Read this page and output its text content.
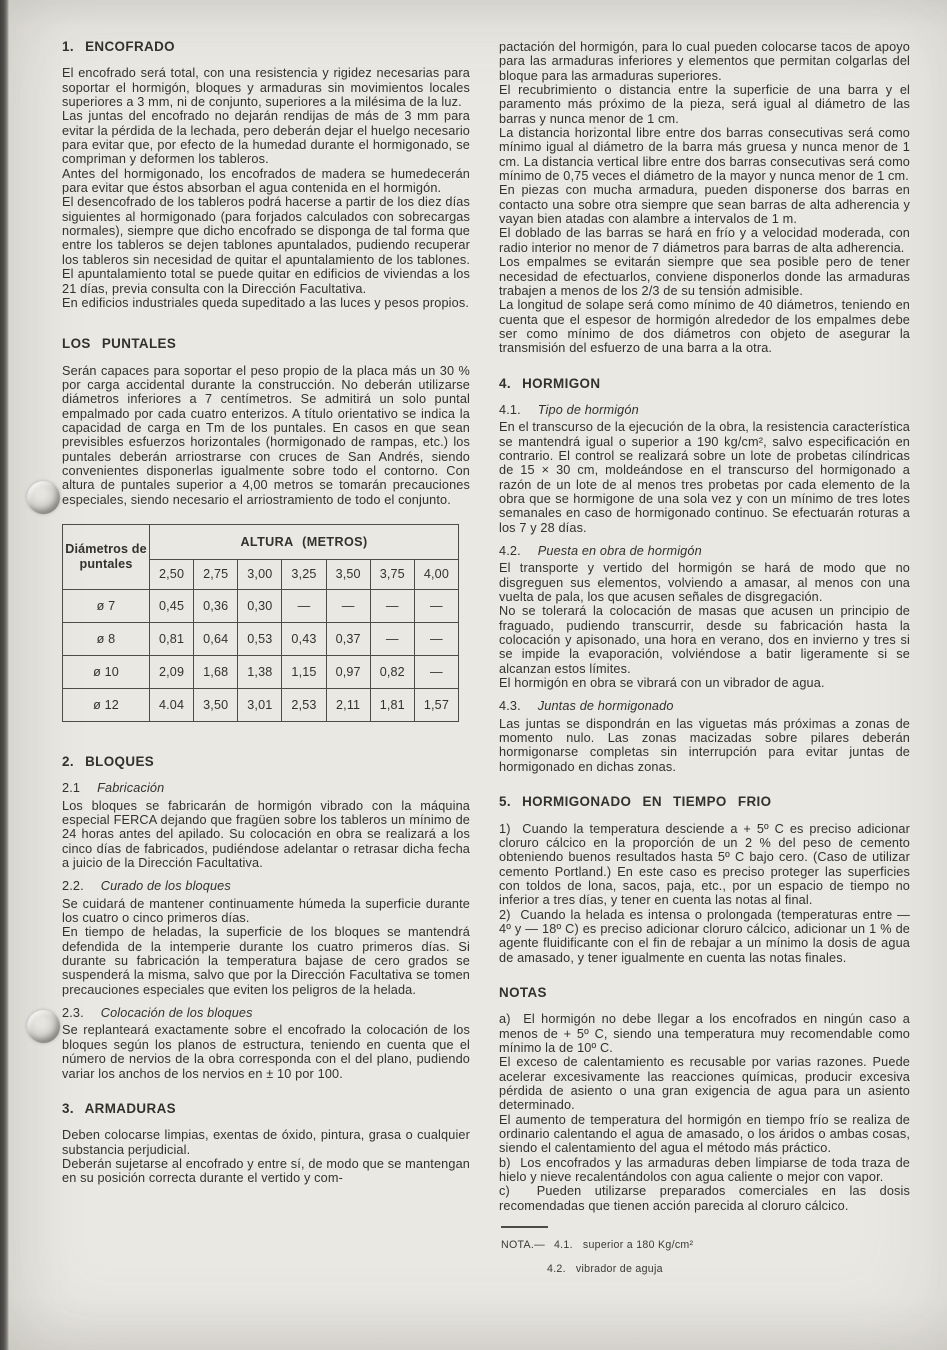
1. ENCOFRADO

El encofrado será total, con una resistencia y rigidez necesarias para soportar el hormigón, bloques y armaduras sin movimientos locales superiores a 3 mm, ni de conjunto, superiores a la milésima de la luz.

Las juntas del encofrado no dejarán rendijas de más de 3 mm para evitar la pérdida de la lechada, pero deberán dejar el huelgo necesario para evitar que, por efecto de la humedad durante el hormigonado, se compriman y deformen los tableros.

Antes del hormigonado, los encofrados de madera se humedecerán para evitar que éstos absorban el agua contenida en el hormigón.

El desencofrado de los tableros podrá hacerse a partir de los diez días siguientes al hormigonado (para forjados calculados con sobrecargas normales), siempre que dicho encofrado se disponga de tal forma que entre los tableros se dejen tablones apuntalados, pudiendo recuperar los tableros sin necesidad de quitar el apuntalamiento de los tablones. El apuntalamiento total se puede quitar en edificios de viviendas a los 21 días, previa consulta con la Dirección Facultativa.

En edificios industriales queda supeditado a las luces y pesos propios.

LOS PUNTALES

Serán capaces para soportar el peso propio de la placa más un 30 % por carga accidental durante la construcción. No deberán utilizarse diámetros inferiores a 7 centímetros. Se admitirá un solo puntal empalmado por cada cuatro enterizos. A título orientativo se indica la capacidad de carga en Tm de los puntales. En casos en que sean previsibles esfuerzos horizontales (hormigonado de rampas, etc.) los puntales deberán arriostrarse con cruces de San Andrés, siendo convenientes disponerlas igualmente sobre todo el contorno. Con altura de puntales superior a 4,00 metros se tomarán precauciones especiales, siendo necesario el arriostramiento de todo el conjunto.

Diámetros de puntales	ALTURA (METROS)						
	2,50	2,75	3,00	3,25	3,50	3,75	4,00
ø 7	0,45	0,36	0,30	—	—	—	—
ø 8	0,81	0,64	0,53	0,43	0,37	—	—
ø 10	2,09	1,68	1,38	1,15	0,97	0,82	—
ø 12	4.04	3,50	3,01	2,53	2,11	1,81	1,57

2. BLOQUES

2.1 Fabricación

Los bloques se fabricarán de hormigón vibrado con la máquina especial FERCA dejando que fragüen sobre los tableros un mínimo de 24 horas antes del apilado. Su colocación en obra se realizará a los cinco días de fabricados, pudiéndose adelantar o retrasar dicha fecha a juicio de la Dirección Facultativa.

2.2. Curado de los bloques

Se cuidará de mantener continuamente húmeda la superficie durante los cuatro o cinco primeros días.

En tiempo de heladas, la superficie de los bloques se mantendrá defendida de la intemperie durante los cuatro primeros días. Si durante su fabricación la temperatura bajase de cero grados se suspenderá la misma, salvo que por la Dirección Facultativa se tomen precauciones especiales que eviten los peligros de la helada.

2.3. Colocación de los bloques

Se replanteará exactamente sobre el encofrado la colocación de los bloques según los planos de estructura, teniendo en cuenta que el número de nervios de la obra corresponda con el del plano, pudiendo variar los anchos de los nervios en ± 10 por 100.

3. ARMADURAS

Deben colocarse limpias, exentas de óxido, pintura, grasa o cualquier substancia perjudicial.

Deberán sujetarse al encofrado y entre sí, de modo que se mantengan en su posición correcta durante el vertido y com-

pactación del hormigón, para lo cual pueden colocarse tacos de apoyo para las armaduras inferiores y elementos que permitan colgarlas del bloque para las armaduras superiores.

El recubrimiento o distancia entre la superficie de una barra y el paramento más próximo de la pieza, será igual al diámetro de las barras y nunca menor de 1 cm.

La distancia horizontal libre entre dos barras consecutivas será como mínimo igual al diámetro de la barra más gruesa y nunca menor de 1 cm. La distancia vertical libre entre dos barras consecutivas será como mínimo de 0,75 veces el diámetro de la mayor y nunca menor de 1 cm.

En piezas con mucha armadura, pueden disponerse dos barras en contacto una sobre otra siempre que sean barras de alta adherencia y vayan bien atadas con alambre a intervalos de 1 m.

El doblado de las barras se hará en frío y a velocidad moderada, con radio interior no menor de 7 diámetros para barras de alta adherencia.

Los empalmes se evitarán siempre que sea posible pero de tener necesidad de efectuarlos, conviene disponerlos donde las armaduras trabajen a menos de los 2/3 de su tensión admisible.

La longitud de solape será como mínimo de 40 diámetros, teniendo en cuenta que el espesor de hormigón alrededor de los empalmes debe ser como mínimo de dos diámetros con objeto de asegurar la transmisión del esfuerzo de una barra a la otra.

4. HORMIGON

4.1. Tipo de hormigón

En el transcurso de la ejecución de la obra, la resistencia característica se mantendrá igual o superior a 190 kg/cm², salvo especificación en contrario. El control se realizará sobre un lote de probetas cilíndricas de 15 × 30 cm, moldeándose en el transcurso del hormigonado a razón de un lote de al menos tres probetas por cada elemento de la obra que se hormigone de una sola vez y con un mínimo de tres lotes semanales en caso de hormigonado continuo. Se efectuarán roturas a los 7 y 28 días.

4.2. Puesta en obra de hormigón

El transporte y vertido del hormigón se hará de modo que no disgreguen sus elementos, volviendo a amasar, al menos con una vuelta de pala, los que acusen señales de disgregación.

No se tolerará la colocación de masas que acusen un principio de fraguado, pudiendo transcurrir, desde su fabricación hasta la colocación y apisonado, una hora en verano, dos en invierno y tres si se impide la evaporación, volviéndose a batir ligeramente si se alcanzan estos límites.

El hormigón en obra se vibrará con un vibrador de agua.

4.3. Juntas de hormigonado

Las juntas se dispondrán en las viguetas más próximas a zonas de momento nulo. Las zonas macizadas sobre pilares deberán hormigonarse completas sin interrupción para evitar juntas de hormigonado en dichas zonas.

5. HORMIGONADO EN TIEMPO FRIO

1)  Cuando la temperatura desciende a + 5º C es preciso adicionar cloruro cálcico en la proporción de un 2 % del peso de cemento obteniendo buenos resultados hasta 5º C bajo cero. (Caso de utilizar cemento Portland.) En este caso es preciso proteger las superficies con toldos de lona, sacos, paja, etc., por un espacio de tiempo no inferior a tres días, y tener en cuenta las notas al final.

2)  Cuando la helada es intensa o prolongada (temperaturas entre — 4º y — 18º C) es preciso adicionar cloruro cálcico, adicionar un 1 % de agente fluidificante con el fin de rebajar a un mínimo la dosis de agua de amasado, y tener igualmente en cuenta las notas finales.

NOTAS

a)  El hormigón no debe llegar a los encofrados en ningún caso a menos de + 5º C, siendo una temperatura muy recomendable como mínimo la de 10º C.

El exceso de calentamiento es recusable por varias razones. Puede acelerar excesivamente las reacciones químicas, producir excesiva pérdida de asiento o una gran exigencia de agua para un asiento determinado.

El aumento de temperatura del hormigón en tiempo frío se realiza de ordinario calentando el agua de amasado, o los áridos o ambas cosas, siendo el calentamiento del agua el método más práctico.

b)  Los encofrados y las armaduras deben limpiarse de toda traza de hielo y nieve recalentándolos con agua caliente o mejor con vapor.

c)  Pueden utilizarse preparados comerciales en las dosis recomendadas que tienen acción parecida al cloruro cálcico.

NOTA.— 4.1. superior a 180 Kg/cm²

4.2. vibrador de aguja
